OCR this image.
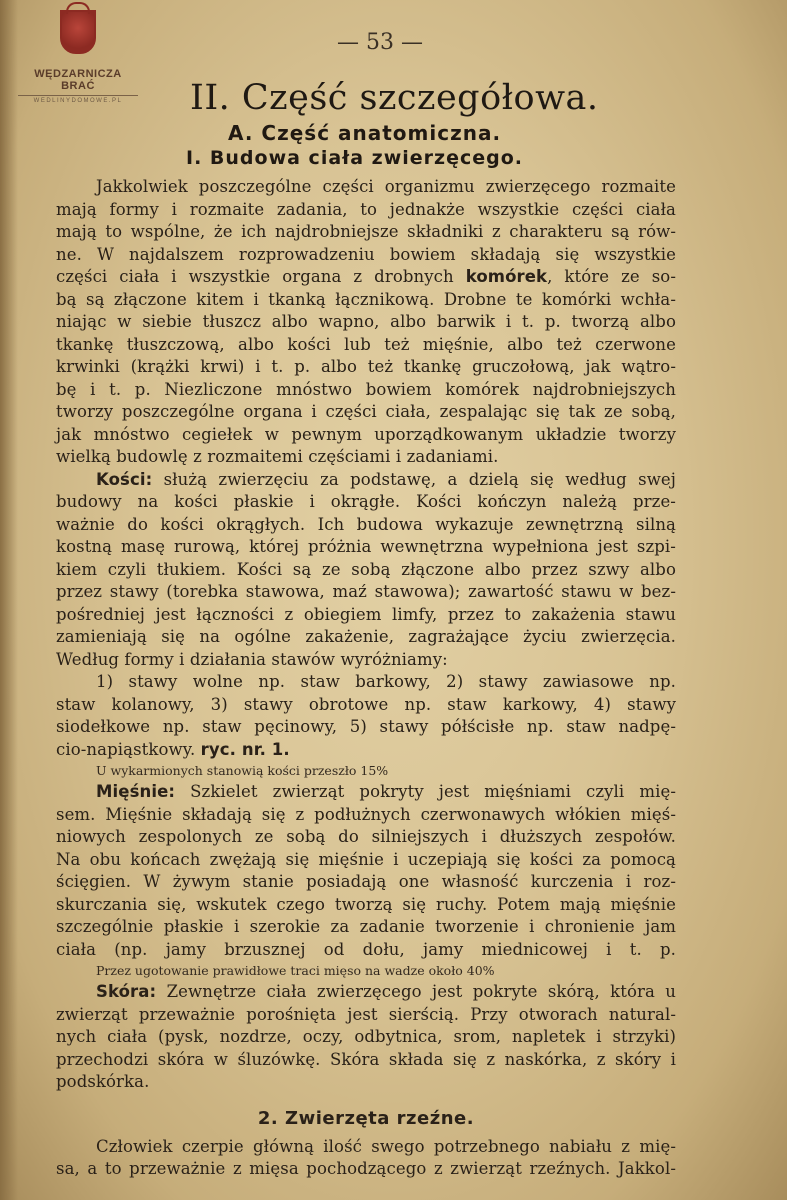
WĘDZARNICZA BRAĆ
WEDLINYDOMOWE.PL
— 53 —
II. Część szczegółowa.
A. Część anatomiczna.
I. Budowa ciała zwierzęcego.
Jakkolwiek poszczególne części organizmu zwierzęcego rozmaite
mają formy i rozmaite zadania, to jednakże wszystkie części ciała
mają to wspólne, że ich najdrobniejsze składniki z charakteru są rów-
ne. W najdalszem rozprowadzeniu bowiem składają się wszystkie
części ciała i wszystkie organa z drobnych komórek, które ze so-
bą są złączone kitem i tkanką łącznikową. Drobne te komórki wchła-
niając w siebie tłuszcz albo wapno, albo barwik i t. p. tworzą albo
tkankę tłuszczową, albo kości lub też mięśnie, albo też czerwone
krwinki (krążki krwi) i t. p. albo też tkankę gruczołową, jak wątro-
bę i t. p. Niezliczone mnóstwo bowiem komórek najdrobniejszych
tworzy poszczególne organa i części ciała, zespalając się tak ze sobą,
jak mnóstwo cegiełek w pewnym uporządkowanym układzie tworzy
wielką budowlę z rozmaitemi częściami i zadaniami.
Kości: służą zwierzęciu za podstawę, a dzielą się według swej
budowy na kości płaskie i okrągłe. Kości kończyn należą prze-
ważnie do kości okrągłych. Ich budowa wykazuje zewnętrzną silną
kostną masę rurową, której próżnia wewnętrzna wypełniona jest szpi-
kiem czyli tłukiem. Kości są ze sobą złączone albo przez szwy albo
przez stawy (torebka stawowa, maź stawowa); zawartość stawu w bez-
pośredniej jest łączności z obiegiem limfy, przez to zakażenia stawu
zamieniają się na ogólne zakażenie, zagrażające życiu zwierzęcia.
Według formy i działania stawów wyróżniamy:
1) stawy wolne np. staw barkowy, 2) stawy zawiasowe np.
staw kolanowy, 3) stawy obrotowe np. staw karkowy, 4) stawy
siodełkowe np. staw pęcinowy, 5) stawy półścisłe np. staw nadpę-
cio-napiąstkowy. ryc. nr. 1.
U wykarmionych stanowią kości przeszło 15%
Mięśnie: Szkielet zwierząt pokryty jest mięśniami czyli mię-
sem. Mięśnie składają się z podłużnych czerwonawych włókien mięś-
niowych zespolonych ze sobą do silniejszych i dłuższych zespołów.
Na obu końcach zwężają się mięśnie i uczepiają się kości za pomocą
ścięgien. W żywym stanie posiadają one własność kurczenia i roz-
skurczania się, wskutek czego tworzą się ruchy. Potem mają mięśnie
szczególnie płaskie i szerokie za zadanie tworzenie i chronienie jam
ciała (np. jamy brzusznej od dołu, jamy miednicowej i t. p.
Przez ugotowanie prawidłowe traci mięso na wadze około 40%
Skóra: Zewnętrze ciała zwierzęcego jest pokryte skórą, która u
zwierząt przeważnie porośnięta jest sierścią. Przy otworach natural-
nych ciała (pysk, nozdrze, oczy, odbytnica, srom, napletek i strzyki)
przechodzi skóra w śluzówkę. Skóra składa się z naskórka, z skóry i
podskórka.
2. Zwierzęta rzeźne.
Człowiek czerpie główną ilość swego potrzebnego nabiału z mię-
sa, a to przeważnie z mięsa pochodzącego z zwierząt rzeźnych. Jakkol-
